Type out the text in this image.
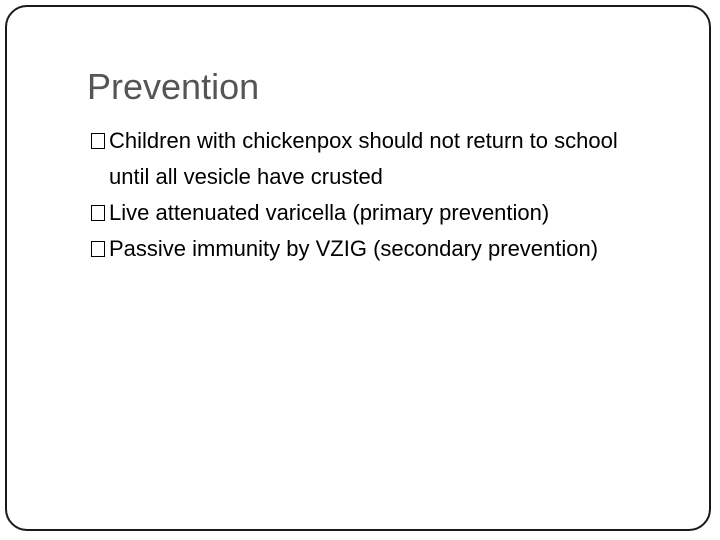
Prevention
Children with chickenpox should not return to school until all vesicle have crusted
Live attenuated varicella (primary prevention)
Passive immunity by VZIG (secondary prevention)
